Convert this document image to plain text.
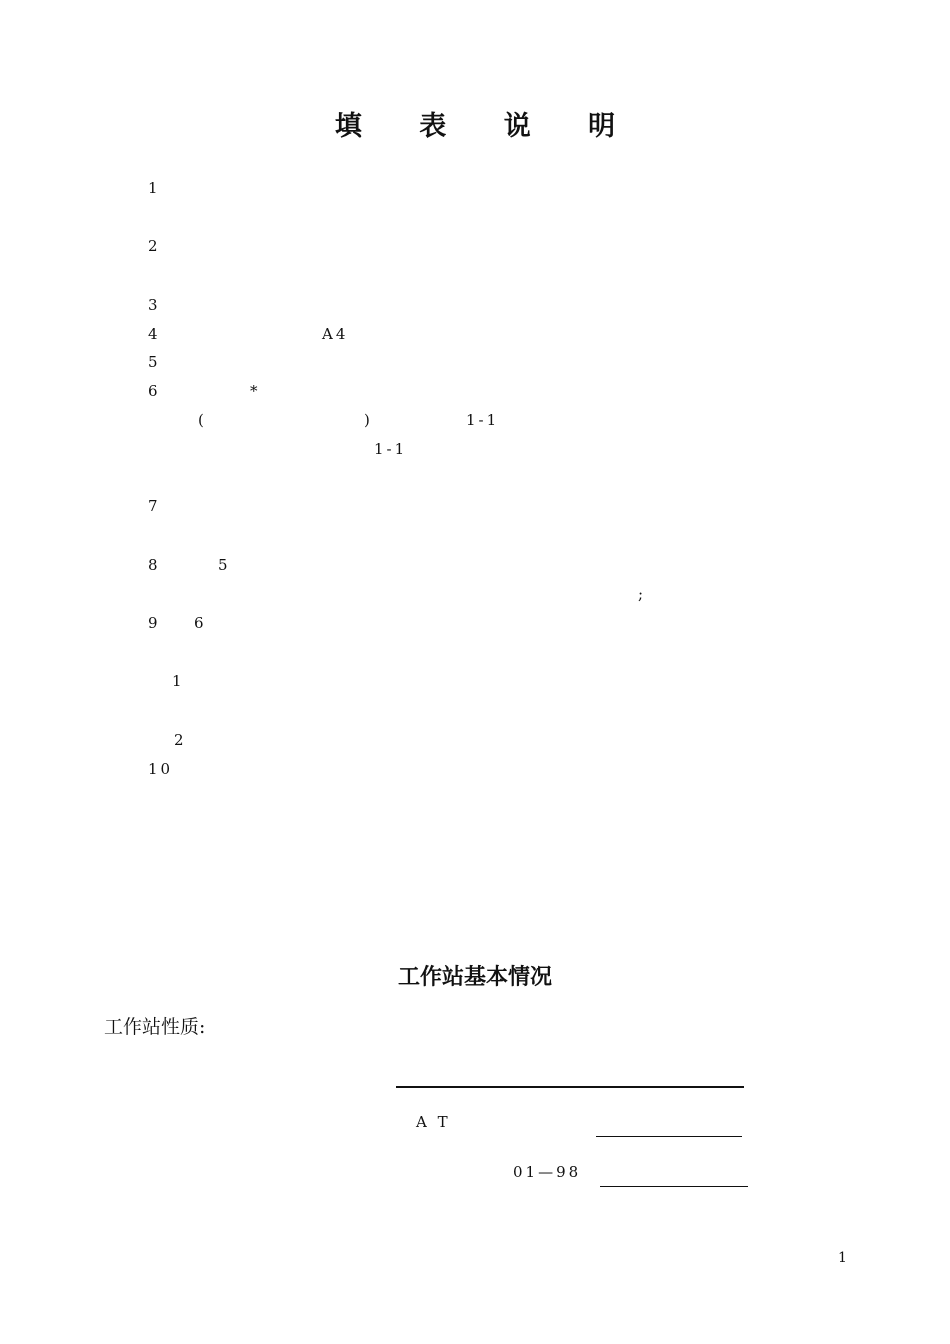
填 表 说 明
1
2
3
4	A4
5
6	*
(	)	1-1
1-1
7
8	5
;
9 6
1
2
10
工作站基本情况
工作站性质:
A T
01—98
1
